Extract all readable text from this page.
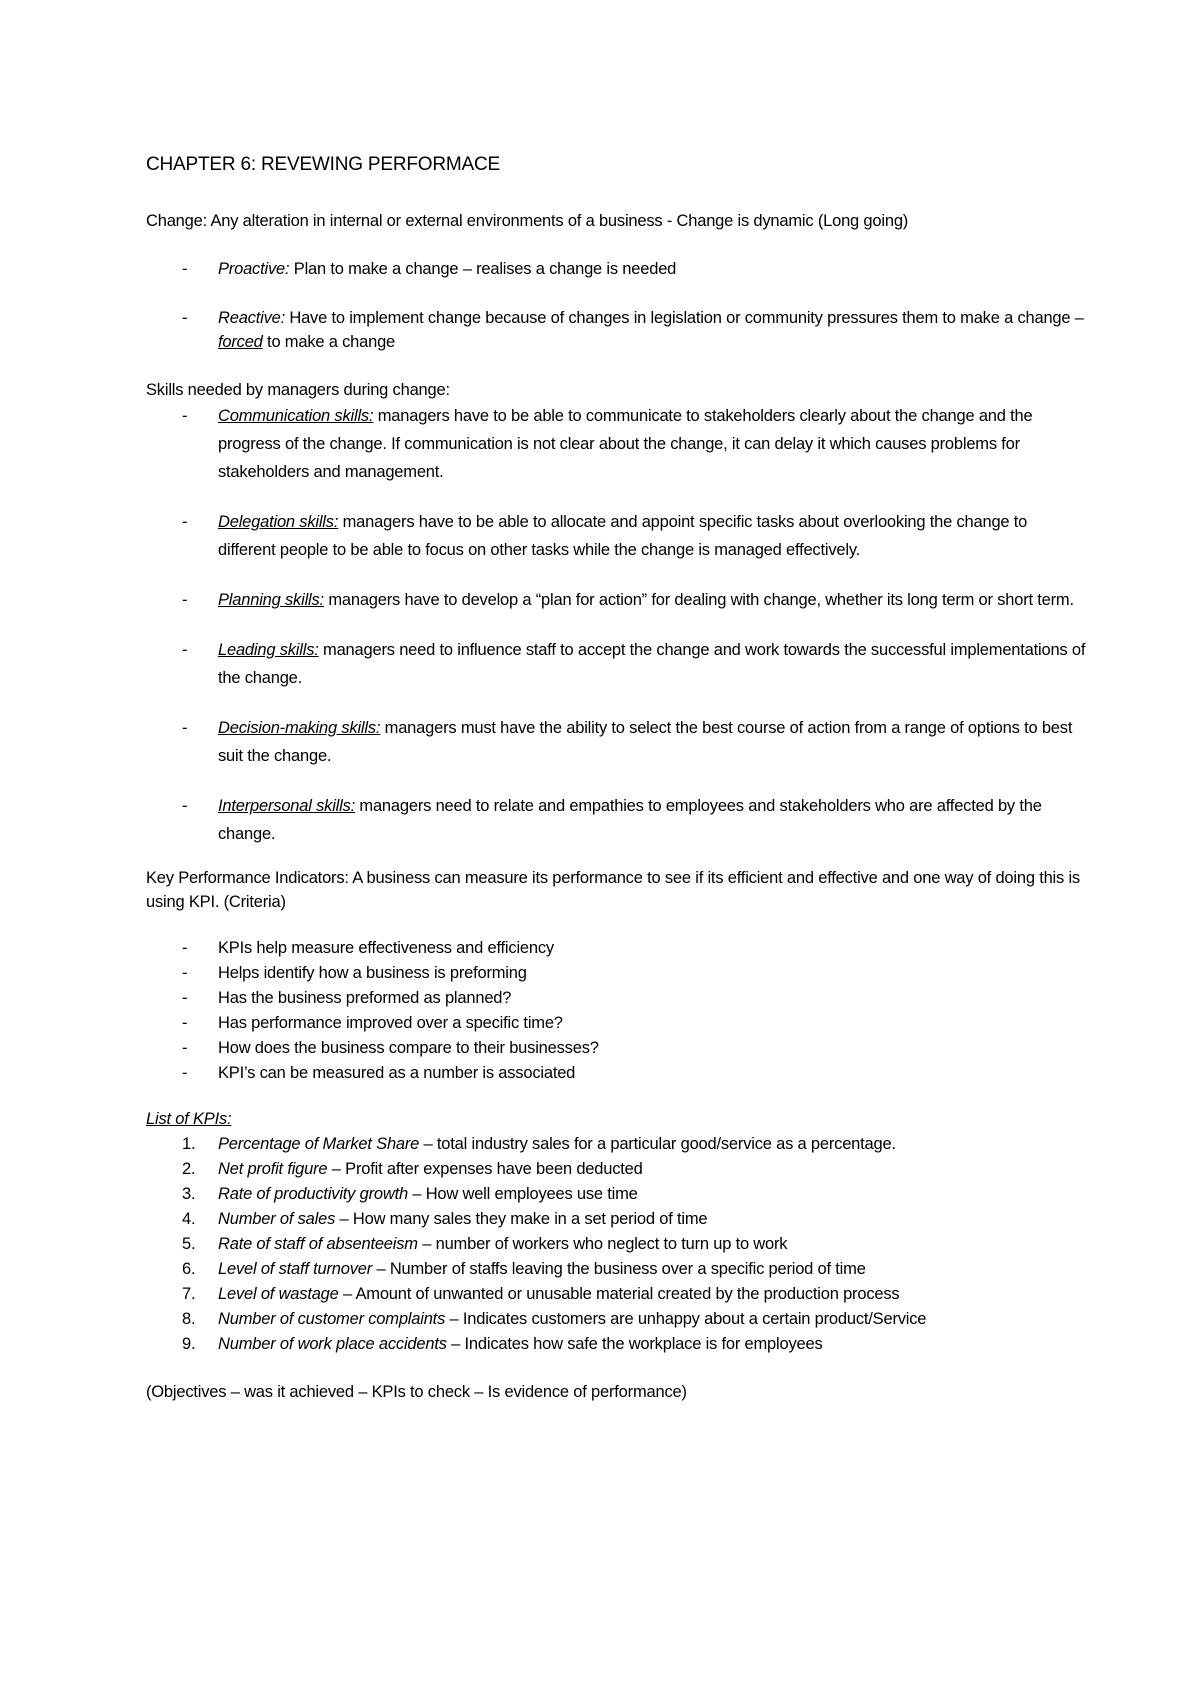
CHAPTER 6: REVEWING PERFORMACE
Change: Any alteration in internal or external environments of a business - Change is dynamic (Long going)
- Proactive: Plan to make a change – realises a change is needed
- Reactive: Have to implement change because of changes in legislation or community pressures them to make a change – forced to make a change
Skills needed by managers during change:
- Communication skills: managers have to be able to communicate to stakeholders clearly about the change and the progress of the change. If communication is not clear about the change, it can delay it which causes problems for stakeholders and management.
- Delegation skills: managers have to be able to allocate and appoint specific tasks about overlooking the change to different people to be able to focus on other tasks while the change is managed effectively.
- Planning skills: managers have to develop a “plan for action” for dealing with change, whether its long term or short term.
- Leading skills: managers need to influence staff to accept the change and work towards the successful implementations of the change.
- Decision-making skills: managers must have the ability to select the best course of action from a range of options to best suit the change.
- Interpersonal skills: managers need to relate and empathies to employees and stakeholders who are affected by the change.
Key Performance Indicators: A business can measure its performance to see if its efficient and effective and one way of doing this is using KPI. (Criteria)
- KPIs help measure effectiveness and efficiency
- Helps identify how a business is preforming
- Has the business preformed as planned?
- Has performance improved over a specific time?
- How does the business compare to their businesses?
- KPI’s can be measured as a number is associated
List of KPIs:
1. Percentage of Market Share – total industry sales for a particular good/service as a percentage.
2. Net profit figure – Profit after expenses have been deducted
3. Rate of productivity growth – How well employees use time
4. Number of sales – How many sales they make in a set period of time
5. Rate of staff of absenteeism – number of workers who neglect to turn up to work
6. Level of staff turnover – Number of staffs leaving the business over a specific period of time
7. Level of wastage – Amount of unwanted or unusable material created by the production process
8. Number of customer complaints – Indicates customers are unhappy about a certain product/Service
9. Number of work place accidents – Indicates how safe the workplace is for employees
(Objectives – was it achieved – KPIs to check – Is evidence of performance)
